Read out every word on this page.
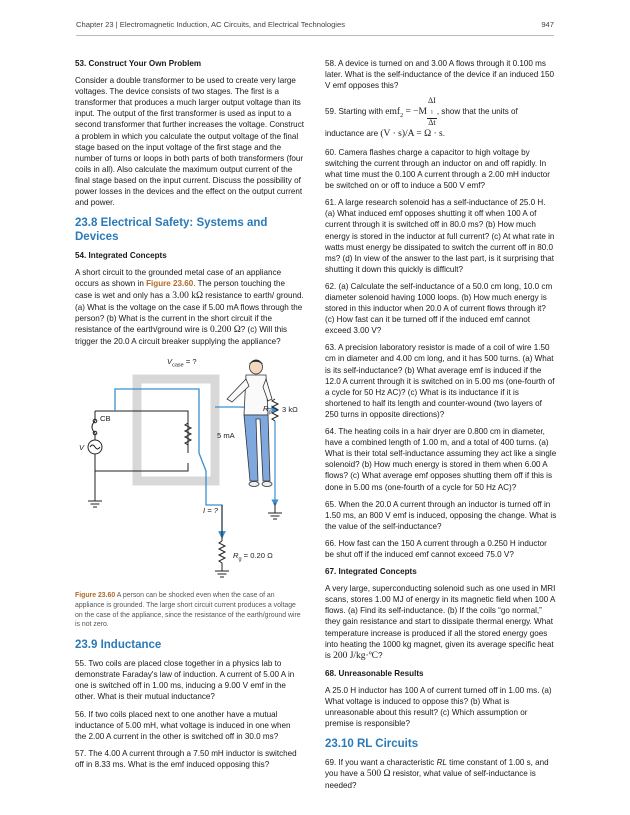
Chapter 23 | Electromagnetic Induction, AC Circuits, and Electrical Technologies	947
53. Construct Your Own Problem

Consider a double transformer to be used to create very large voltages. The device consists of two stages. The first is a transformer that produces a much larger output voltage than its input. The output of the first transformer is used as input to a second transformer that further increases the voltage. Construct a problem in which you calculate the output voltage of the final stage based on the input voltage of the first stage and the number of turns or loops in both parts of both transformers (four coils in all). Also calculate the maximum output current of the final stage based on the input current. Discuss the possibility of power losses in the devices and the effect on the output current and power.

23.8 Electrical Safety: Systems and Devices
54. Integrated Concepts

A short circuit to the grounded metal case of an appliance occurs as shown in Figure 23.60. The person touching the case is wet and only has a 3.00 kΩ resistance to earth/ ground. (a) What is the voltage on the case if 5.00 mA flows through the person? (b) What is the current in the short circuit if the resistance of the earth/ground wire is 0.200 Ω? (c) Will this trigger the 20.0 A circuit breaker supplying the appliance?

$V_{case}$ = ?
CB
V
$R_p$ 3 kΩ
5 mA
I = ?
$R_g = 0.20$ Ω
Figure 23.60 A person can be shocked even when the case of an appliance is grounded. The large short circuit current produces a voltage on the case of the appliance, since the resistance of the earth/ground wire is not zero.
23.9 Inductance

55. Two coils are placed close together in a physics lab to demonstrate Faraday's law of induction. A current of 5.00 A in one is switched off in 1.00 ms, inducing a 9.00 V emf in the other. What is their mutual inductance?

56. If two coils placed next to one another have a mutual inductance of 5.00 mH, what voltage is induced in one when the 2.00 A current in the other is switched off in 30.0 ms?

57. The 4.00 A current through a 7.50 mH inductor is switched off in 8.33 ms. What is the emf induced opposing this?

58. A device is turned on and 3.00 A flows through it 0.100 ms later. What is the self-inductance of the device if an induced 150 V emf opposes this?

59. Starting with emf$_2$ = −M ΔI
$_1$
Δt , show that the units of
inductance are (V · s)/A = Ω · s.

60. Camera flashes charge a capacitor to high voltage by switching the current through an inductor on and off rapidly. In what time must the 0.100 A current through a 2.00 mH inductor be switched on or off to induce a 500 V emf?

61. A large research solenoid has a self-inductance of 25.0 H. (a) What induced emf opposes shutting it off when 100 A of current through it is switched off in 80.0 ms? (b) How much energy is stored in the inductor at full current? (c) At what rate in watts must energy be dissipated to switch the current off in 80.0 ms? (d) In view of the answer to the last part, is it surprising that shutting it down this quickly is difficult?

62. (a) Calculate the self-inductance of a 50.0 cm long, 10.0 cm diameter solenoid having 1000 loops. (b) How much energy is stored in this inductor when 20.0 A of current flows through it? (c) How fast can it be turned off if the induced emf cannot exceed 3.00 V?

63. A precision laboratory resistor is made of a coil of wire 1.50 cm in diameter and 4.00 cm long, and it has 500 turns. (a) What is its self-inductance? (b) What average emf is induced if the 12.0 A current through it is switched on in 5.00 ms (one-fourth of a cycle for 50 Hz AC)? (c) What is its inductance if it is shortened to half its length and counter-wound (two layers of 250 turns in opposite directions)?

64. The heating coils in a hair dryer are 0.800 cm in diameter, have a combined length of 1.00 m, and a total of 400 turns. (a) What is their total self-inductance assuming they act like a single solenoid? (b) How much energy is stored in them when 6.00 A flows? (c) What average emf opposes shutting them off if this is done in 5.00 ms (one-fourth of a cycle for 50 Hz AC)?

65. When the 20.0 A current through an inductor is turned off in 1.50 ms, an 800 V emf is induced, opposing the change. What is the value of the self-inductance?

66. How fast can the 150 A current through a 0.250 H inductor be shut off if the induced emf cannot exceed 75.0 V?

67. Integrated Concepts

A very large, superconducting solenoid such as one used in MRI scans, stores 1.00 MJ of energy in its magnetic field when 100 A flows. (a) Find its self-inductance. (b) If the coils “go normal,” they gain resistance and start to dissipate thermal energy. What temperature increase is produced if all the stored energy goes into heating the 1000 kg magnet, given its average specific heat is 200 J/kg·ºC?

68. Unreasonable Results

A 25.0 H inductor has 100 A of current turned off in 1.00 ms. (a) What voltage is induced to oppose this? (b) What is unreasonable about this result? (c) Which assumption or premise is responsible?

23.10 RL Circuits

69. If you want a characteristic RL time constant of 1.00 s, and you have a 500 Ω resistor, what value of self-inductance is needed?
